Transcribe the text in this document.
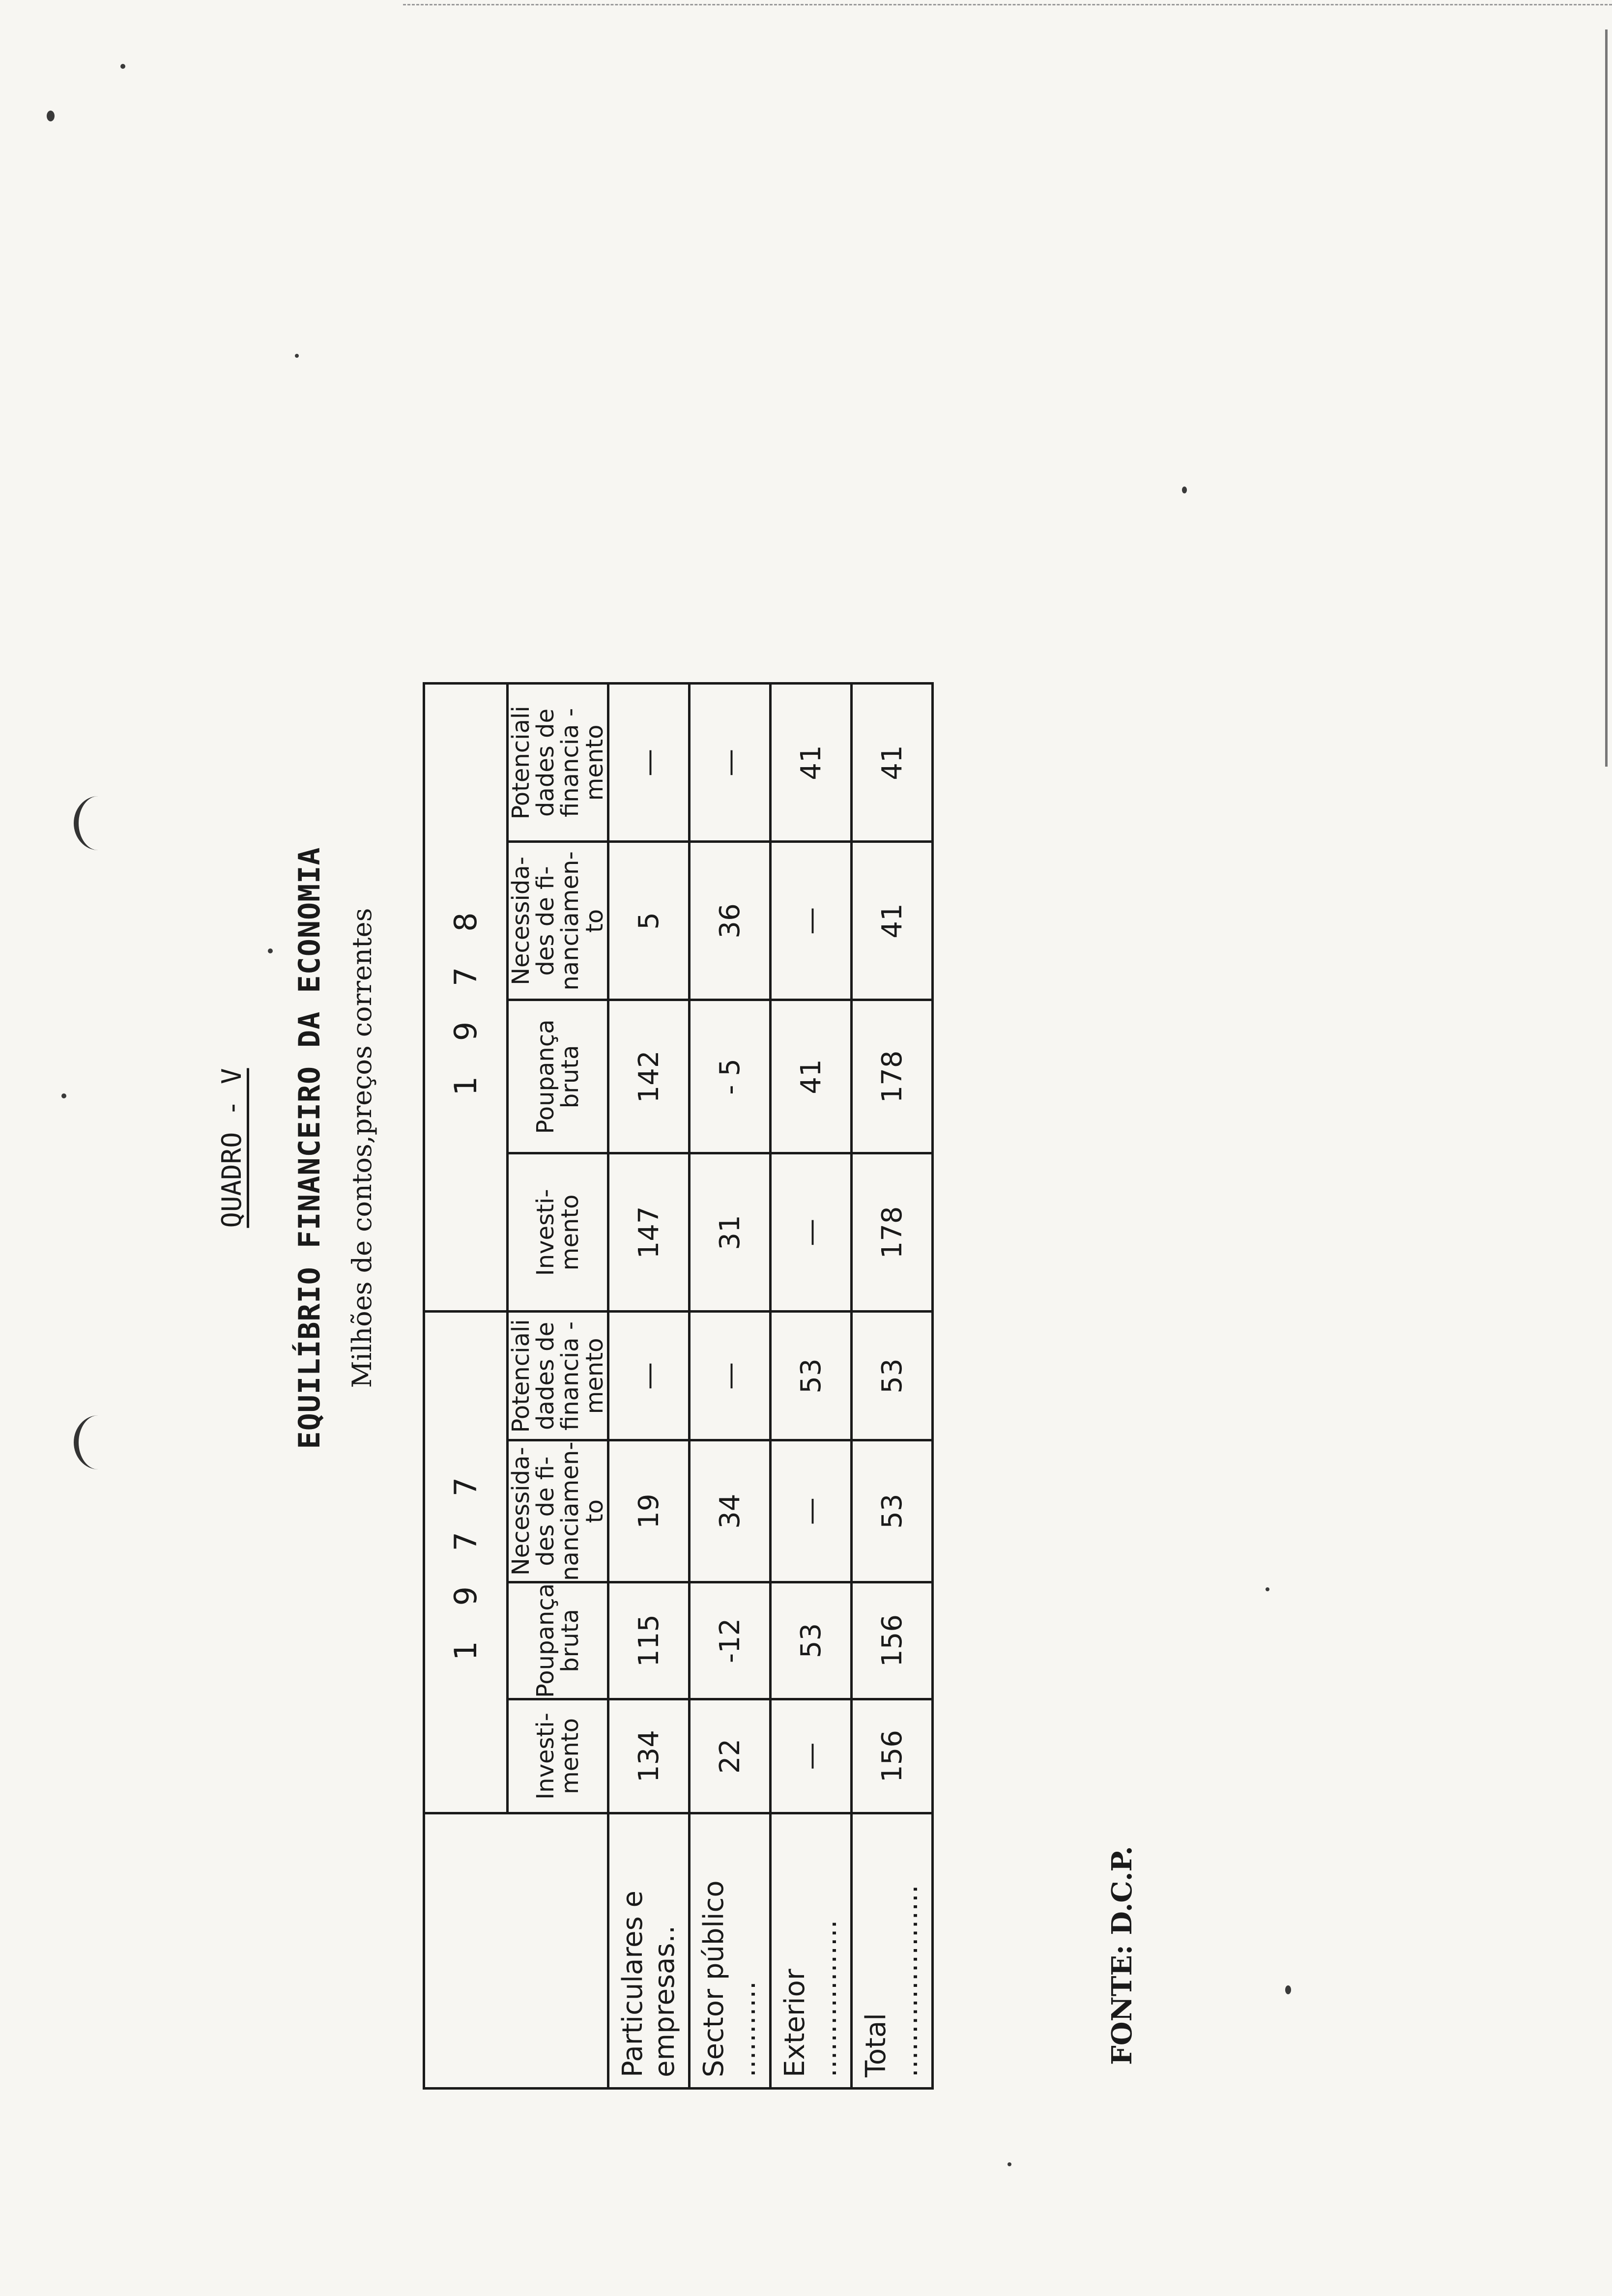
QUADRO - V EQUILÍBRIO FINANCEIRO DA ECONOMIA Milhões de contos,preços correntes
	1 9 7 7				1 9 7 8			

	Investi-
mento	Poupança
bruta	Necessida-
des de fi-
nanciamen-
to	Potenciali
dades de
financia -
mento	Investi-
mento	Poupança
bruta	Necessida-
des de fi-
nanciamen-
to	Potenciali
dades de
financia -
mento

Particulares e empresas..	134	115	19	—	147	142	5	—
Sector público ...........	22	-12	34	—	31	- 5	36	—
Exterior ..................	—	53	—	53	—	41	—	41
Total ......................	156	156	53	53	178	178	41	41
FONTE: D.C.P.
